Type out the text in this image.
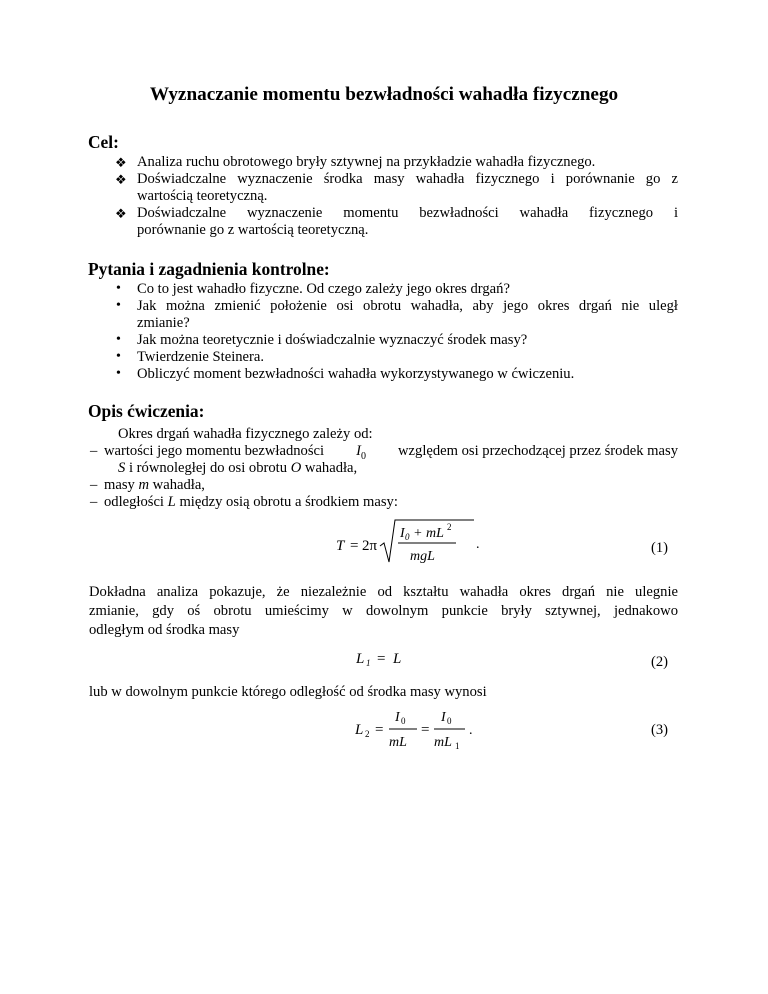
Wyznaczanie momentu bezwładności wahadła fizycznego
Cel:
❖ Analiza ruchu obrotowego bryły sztywnej na przykładzie wahadła fizycznego.
❖ Doświadczalne wyznaczenie środka masy wahadła fizycznego i porównanie go z
wartością teoretyczną.
❖ Doświadczalne wyznaczenie momentu bezwładności wahadła fizycznego i
porównanie go z wartością teoretyczną.
Pytania i zagadnienia kontrolne:
• Co to jest wahadło fizyczne. Od czego zależy jego okres drgań?
• Jak można zmienić położenie osi obrotu wahadła, aby jego okres drgań nie uległ
zmianie?
• Jak można teoretycznie i doświadczalnie wyznaczyć środek masy?
• Twierdzenie Steinera.
• Obliczyć moment bezwładności wahadła wykorzystywanego w ćwiczeniu.
Opis ćwiczenia:
Okres drgań wahadła fizycznego zależy od:
– wartości jego momentu bezwładności $I_0$ względem osi przechodzącej przez środek masy
S i równoległej do osi obrotu O wahadła,
– masy m wahadła,
– odległości L między osią obrotu a środkiem masy:
T = 2π
I 0 + mL 2
mgL
.	(1)
Dokładna analiza pokazuje, że niezależnie od kształtu wahadła okres drgań nie ulegnie
zmianie, gdy oś obrotu umieścimy w dowolnym punkcie bryły sztywnej, jednakowo
odległym od środka masy
L 1 = L	(2)
lub w dowolnym punkcie którego odległość od środka masy wynosi
L 2 =
I 0
mL
=
I 0
mL 1
.	(3)
